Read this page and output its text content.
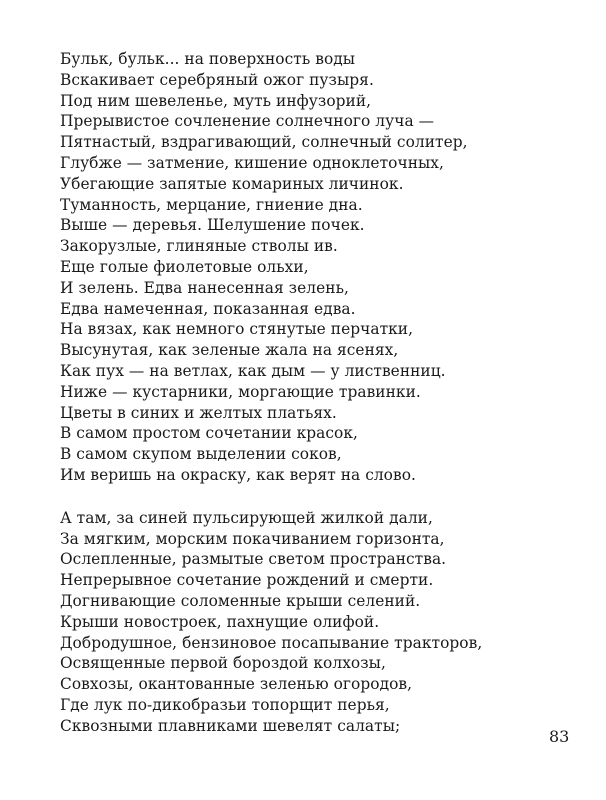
Бульк, бульк... на поверхность воды
Вскакивает серебряный ожог пузыря.
Под ним шевеленье, муть инфузорий,
Прерывистое сочленение солнечного луча —
Пятнастый, вздрагивающий, солнечный солитер,
Глубже — затмение, кишение одноклеточных,
Убегающие запятые комариных личинок.
Туманность, мерцание, гниение дна.
Выше — деревья. Шелушение почек.
Закорузлые, глиняные стволы ив.
Еще голые фиолетовые ольхи,
И зелень. Едва нанесенная зелень,
Едва намеченная, показанная едва.
На вязах, как немного стянутые перчатки,
Высунутая, как зеленые жала на ясенях,
Как пух — на ветлах, как дым — у лиственниц.
Ниже — кустарники, моргающие травинки.
Цветы в синих и желтых платьях.
В самом простом сочетании красок,
В самом скупом выделении соков,
Им веришь на окраску, как верят на слово.
А там, за синей пульсирующей жилкой дали,
За мягким, морским покачиванием горизонта,
Ослепленные, размытые светом пространства.
Непрерывное сочетание рождений и смерти.
Догнивающие соломенные крыши селений.
Крыши новостроек, пахнущие олифой.
Добродушное, бензиновое посапывание тракторов,
Освященные первой бороздой колхозы,
Совхозы, окантованные зеленью огородов,
Где лук по-дикобразьи топорщит перья,
Сквозными плавниками шевелят салаты;
83
